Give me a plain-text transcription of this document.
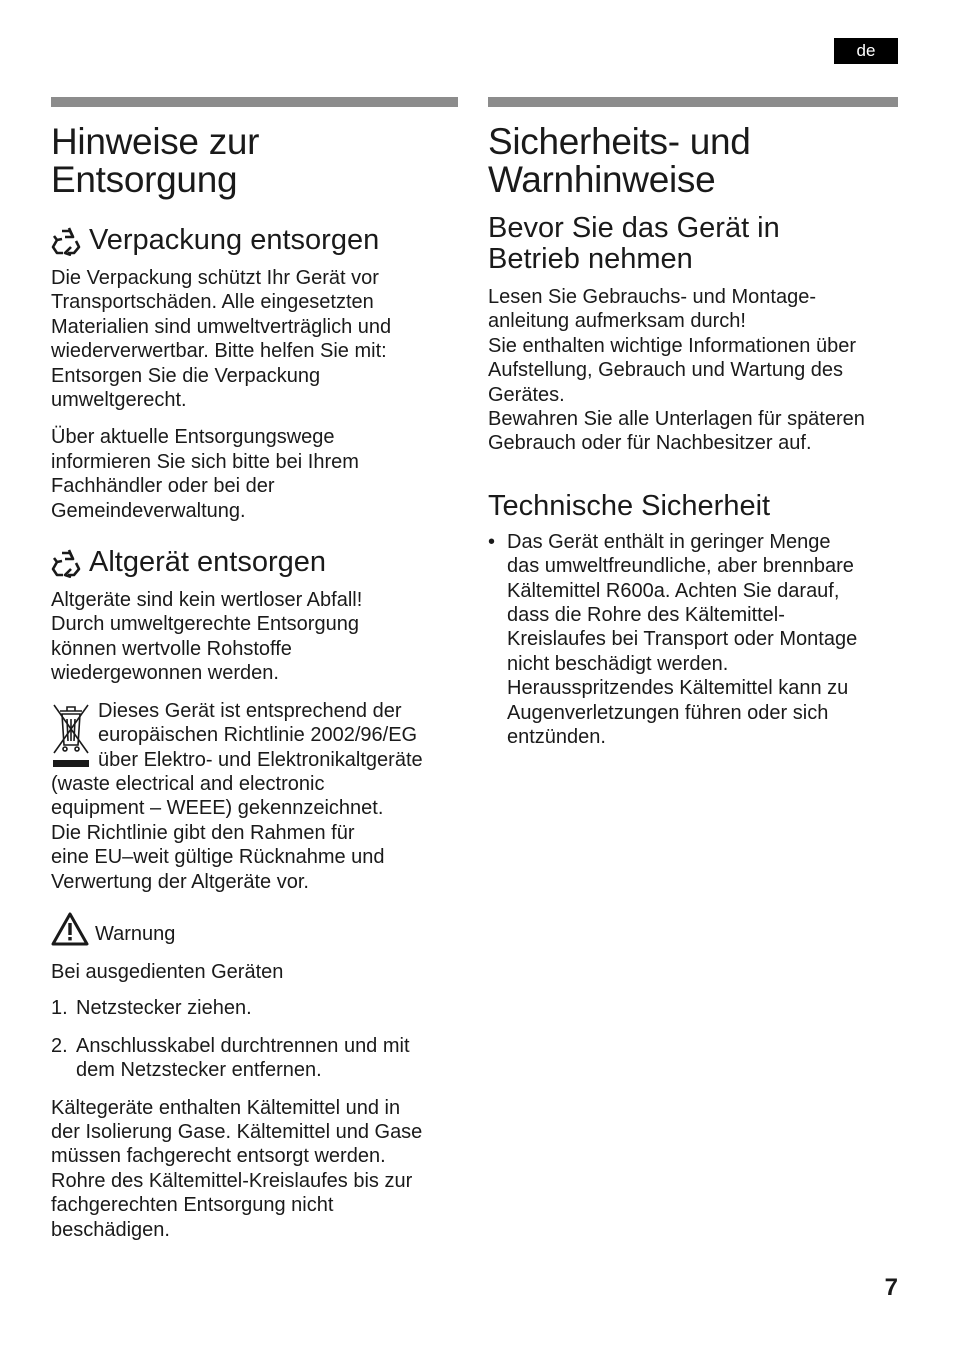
de
Hinweise zur
Entsorgung
Verpackung entsorgen

Die Verpackung schützt Ihr Gerät vor
Transportschäden. Alle eingesetzten
Materialien sind umweltverträglich und
wiederverwertbar. Bitte helfen Sie mit:
Entsorgen Sie die Verpackung
umweltgerecht.

Über aktuelle Entsorgungswege
informieren Sie sich bitte bei Ihrem
Fachhändler oder bei der
Gemeindeverwaltung.

Altgerät entsorgen

Altgeräte sind kein wertloser Abfall!
Durch umweltgerechte Entsorgung
können wertvolle Rohstoffe
wiedergewonnen werden.

Dieses Gerät ist entsprechend der
europäischen Richtlinie 2002/96/EG
über Elektro- und Elektronikaltgeräte
(waste electrical and electronic
equipment – WEEE) gekennzeichnet.
Die Richtlinie gibt den Rahmen für
eine EU–weit gültige Rücknahme und
Verwertung der Altgeräte vor.

Warnung

Bei ausgedienten Geräten

1. Netzstecker ziehen.
2. Anschlusskabel durchtrennen und mit
dem Netzstecker entfernen.

Kältegeräte enthalten Kältemittel und in
der Isolierung Gase. Kältemittel und Gase
müssen fachgerecht entsorgt werden.
Rohre des Kältemittel-Kreislaufes bis zur
fachgerechten Entsorgung nicht
beschädigen.

Sicherheits- und
Warnhinweise
Bevor Sie das Gerät in
Betrieb nehmen

Lesen Sie Gebrauchs- und Montage-
anleitung aufmerksam durch!
Sie enthalten wichtige Informationen über
Aufstellung, Gebrauch und Wartung des
Gerätes.
Bewahren Sie alle Unterlagen für späteren
Gebrauch oder für Nachbesitzer auf.

Technische Sicherheit
• Das Gerät enthält in geringer Menge
das umweltfreundliche, aber brennbare
Kältemittel R600a. Achten Sie darauf,
dass die Rohre des Kältemittel-
Kreislaufes bei Transport oder Montage
nicht beschädigt werden.
Herausspritzendes Kältemittel kann zu
Augenverletzungen führen oder sich
entzünden.
7
